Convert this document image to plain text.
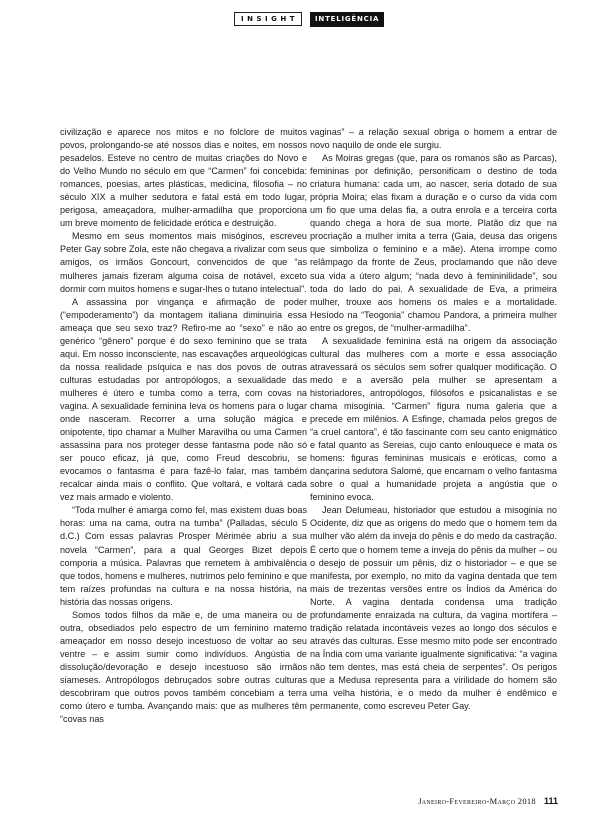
INSIGHT	INTELIGÊNCIA

civilização e aparece nos mitos e no folclore de muitos povos, prolongando-se até nossos dias e noites, em nossos pesadelos. Esteve no centro de muitas criações do Novo e do Velho Mundo no século em que “Carmen” foi concebida: romances, poesias, artes plásticas, medicina, filosofia – no século XIX a mulher sedutora e fatal está em todo lugar, perigosa, ameaçadora, mulher-armadilha que proporciona um breve momento de felicidade erótica e destruição.

Mesmo em seus momentos mais misóginos, escreveu Peter Gay sobre Zola, este não chegava a rivalizar com seus amigos, os irmãos Goncourt, convencidos de que “as mulheres jamais fizeram alguma coisa de notável, exceto dormir com muitos homens e sugar-lhes o tutano intelectual”.

A assassina por vingança e afirmação de poder (“empoderamento”) da montagem italiana diminuiria essa ameaça que seu sexo traz? Refiro-me ao “sexo” e não ao genérico “gênero” porque é do sexo feminino que se trata aqui. Em nosso inconsciente, nas escavações arqueológicas da nossa realidade psíquica e nas dos povos de outras culturas estudadas por antropólogos, a sexualidade das mulheres é útero e tumba como a terra, com covas na vagina. A sexualidade feminina leva os homens para o lugar onde nasceram. Recorrer a uma solução mágica e onipotente, tipo chamar a Mulher Maravilha ou uma Carmen assassina para nos proteger desse fantasma pode não só ser pouco eficaz, já que, como Freud descobriu, se evocamos o fantasma é para fazê-lo falar, mas também recalcar ainda mais o conflito. Que voltará, e voltará cada vez mais armado e violento.

“Toda mulher é amarga como fel, mas existem duas boas horas: uma na cama, outra na tumba” (Palladas, século 5 d.C.) Com essas palavras Prosper Mérimée abriu a sua novela “Carmen”, para a qual Georges Bizet depois comporia a música. Palavras que remetem à ambivalência que todos, homens e mulheres, nutrimos pelo feminino e que tem raízes profundas na cultura e na nossa história, na história das nossas origens.

Somos todos filhos da mãe e, de uma maneira ou de outra, obsediados pelo espectro de um feminino materno ameaçador em nosso desejo incestuoso de voltar ao seu ventre – e assim sumir como indivíduos. Angústia de dissolução/devoração e desejo incestuoso são irmãos siameses. Antropólogos debruçados sobre outras culturas descobriram que outros povos também concebiam a terra como útero e tumba. Avançando mais: que as mulheres têm “covas nas

vaginas” – a relação sexual obriga o homem a entrar de novo naquilo de onde ele surgiu.

As Moiras gregas (que, para os romanos são as Parcas), femininas por definição, personificam o destino de toda criatura humana: cada um, ao nascer, seria dotado de sua própria Moira; elas fixam a duração e o curso da vida com um fio que uma delas fia, a outra enrola e a terceira corta quando chega a hora de sua morte. Platão diz que na procriação a mulher imita a terra (Gaia, deusa das origens que simboliza o feminino e a mãe). Atena irrompe como relâmpago da fronte de Zeus, proclamando que não deve sua vida a útero algum; “nada devo à femininilidade”, sou toda do lado do pai. A sexualidade de Eva, a primeira mulher, trouxe aos homens os males e a mortalidade. Hesíodo na “Teogonia” chamou Pandora, a primeira mulher entre os gregos, de “mulher-armadilha”.

A sexualidade feminina está na origem da associação cultural das mulheres com a morte e essa associação atravessará os séculos sem sofrer qualquer modificação. O medo e a aversão pela mulher se apresentam a historiadores, antropólogos, filósofos e psicanalistas e se chama misoginia. “Carmen” figura numa galeria que a precede em milênios. A Esfinge, chamada pelos gregos de “a cruel cantora”, é tão fascinante com seu canto enigmático e fatal quanto as Sereias, cujo canto enlouquece e mata os homens: figuras femininas musicais e eróticas, como a dançarina sedutora Salomé, que encarnam o velho fantasma sobre o qual a humanidade projeta a angústia que o feminino evoca.

Jean Delumeau, historiador que estudou a misoginia no Ocidente, diz que as origens do medo que o homem tem da mulher vão além da inveja do pênis e do medo da castração. É certo que o homem teme a inveja do pênis da mulher – ou o desejo de possuir um pênis, diz o historiador – e que se manifesta, por exemplo, no mito da vagina dentada que tem mais de trezentas versões entre os Índios da América do Norte. A vagina dentada condensa uma tradição profundamente enraizada na cultura, da vagina mortífera – tradição relatada incontáveis vezes ao longo dos séculos e através das culturas. Esse mesmo mito pode ser encontrado na Índia com uma variante igualmente significativa: “a vagina não tem dentes, mas está cheia de serpentes”. Os perigos que a Medusa representa para a virilidade do homem são uma velha história, e o medo da mulher é endêmico e permanente, como escreveu Peter Gay.

Janeiro-Fevereiro-Março 2018 111
